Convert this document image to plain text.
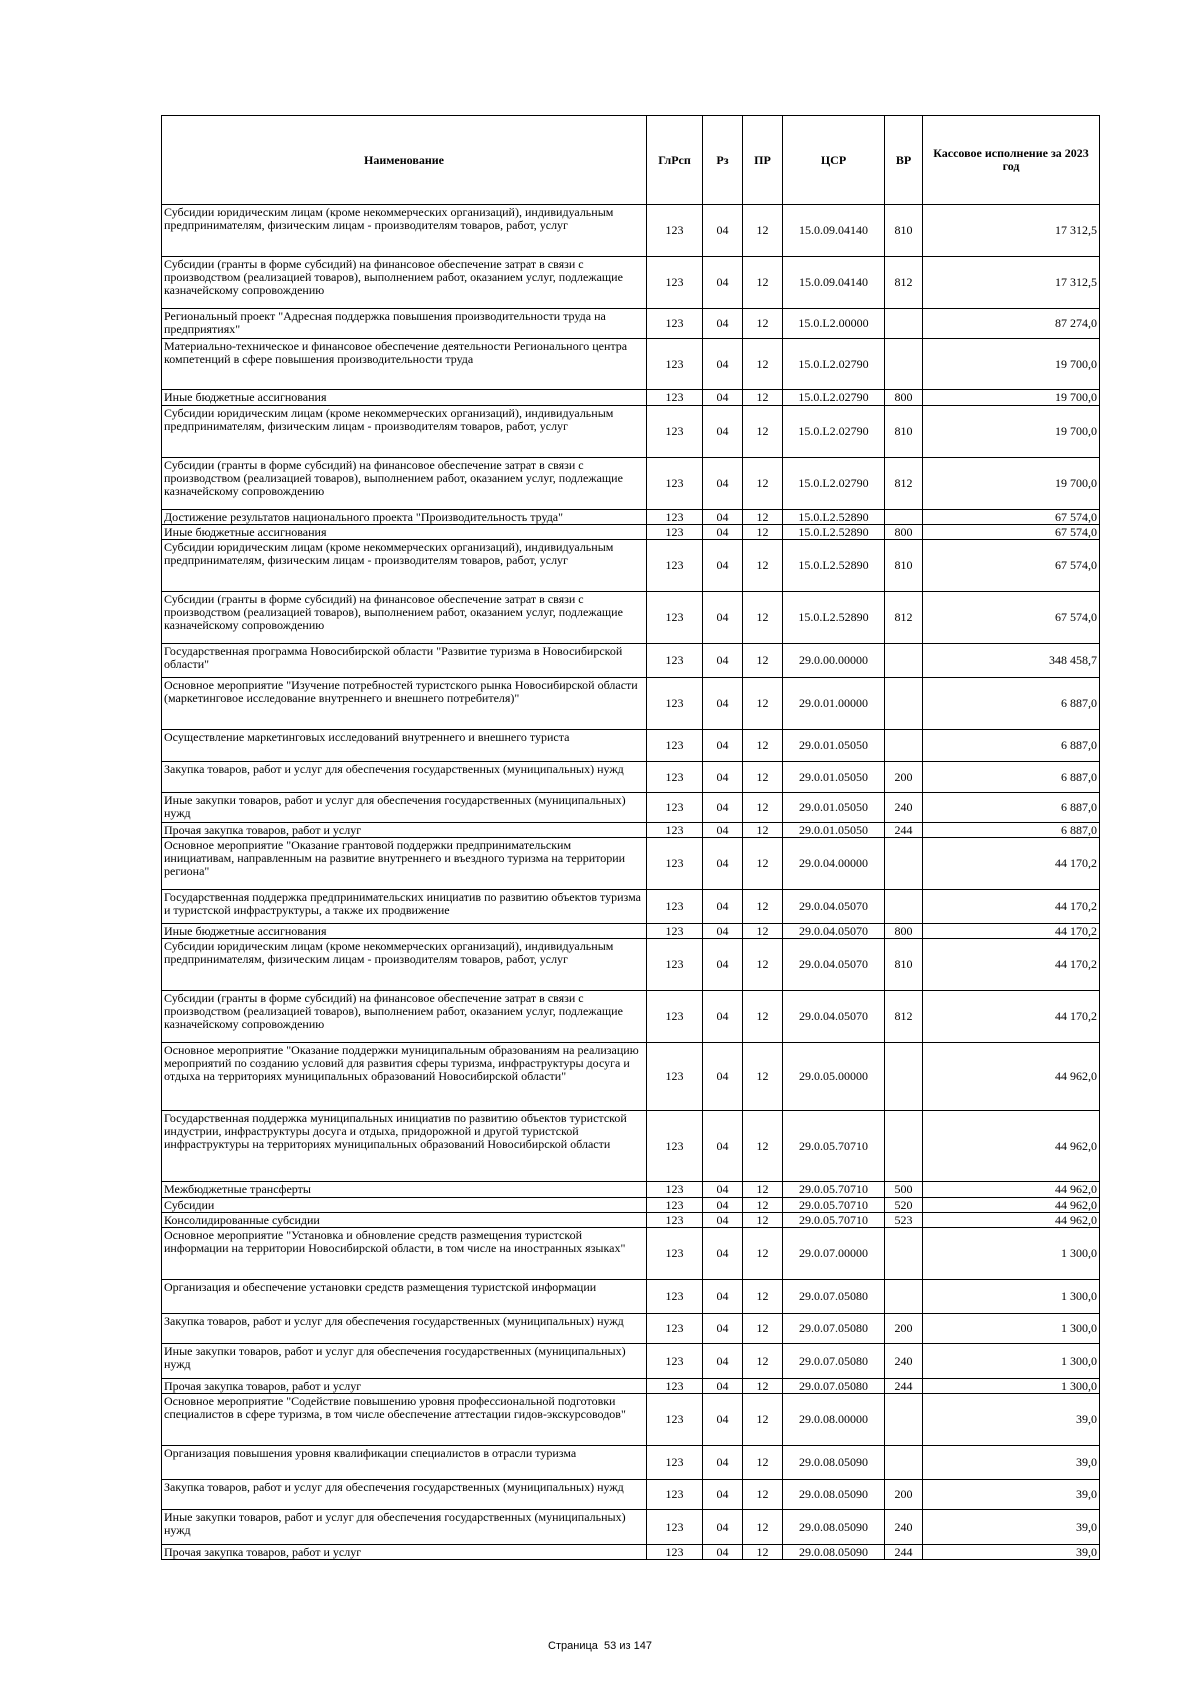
Наименование	ГлРсп	Рз	ПР	ЦСР	ВР	Кассовое исполнение за 2023 год
Субсидии юридическим лицам (кроме некоммерческих организаций), индивидуальным предпринимателям, физическим лицам - производителям товаров, работ, услуг	123	04	12	15.0.09.04140	810	17 312,5
Субсидии (гранты в форме субсидий) на финансовое обеспечение затрат в связи с производством (реализацией товаров), выполнением работ, оказанием услуг, подлежащие казначейскому сопровождению	123	04	12	15.0.09.04140	812	17 312,5
Региональный проект "Адресная поддержка повышения производительности труда на предприятиях"	123	04	12	15.0.L2.00000		87 274,0
Материально-техническое и финансовое обеспечение деятельности Регионального центра компетенций в сфере повышения производительности труда	123	04	12	15.0.L2.02790		19 700,0
Иные бюджетные ассигнования	123	04	12	15.0.L2.02790	800	19 700,0
Субсидии юридическим лицам (кроме некоммерческих организаций), индивидуальным предпринимателям, физическим лицам - производителям товаров, работ, услуг	123	04	12	15.0.L2.02790	810	19 700,0
Субсидии (гранты в форме субсидий) на финансовое обеспечение затрат в связи с производством (реализацией товаров), выполнением работ, оказанием услуг, подлежащие казначейскому сопровождению	123	04	12	15.0.L2.02790	812	19 700,0
Достижение результатов национального проекта "Производительность труда"	123	04	12	15.0.L2.52890		67 574,0
Иные бюджетные ассигнования	123	04	12	15.0.L2.52890	800	67 574,0
Субсидии юридическим лицам (кроме некоммерческих организаций), индивидуальным предпринимателям, физическим лицам - производителям товаров, работ, услуг	123	04	12	15.0.L2.52890	810	67 574,0
Субсидии (гранты в форме субсидий) на финансовое обеспечение затрат в связи с производством (реализацией товаров), выполнением работ, оказанием услуг, подлежащие казначейскому сопровождению	123	04	12	15.0.L2.52890	812	67 574,0
Государственная программа Новосибирской области "Развитие туризма в Новосибирской области"	123	04	12	29.0.00.00000		348 458,7
Основное мероприятие "Изучение потребностей туристского рынка Новосибирской области (маркетинговое исследование внутреннего и внешнего потребителя)"	123	04	12	29.0.01.00000		6 887,0
Осуществление маркетинговых исследований внутреннего и внешнего туриста	123	04	12	29.0.01.05050		6 887,0
Закупка товаров, работ и услуг для обеспечения государственных (муниципальных) нужд	123	04	12	29.0.01.05050	200	6 887,0
Иные закупки товаров, работ и услуг для обеспечения государственных (муниципальных) нужд	123	04	12	29.0.01.05050	240	6 887,0
Прочая закупка товаров, работ и услуг	123	04	12	29.0.01.05050	244	6 887,0
Основное мероприятие "Оказание грантовой поддержки предпринимательским инициативам, направленным на развитие внутреннего и въездного туризма на территории региона"	123	04	12	29.0.04.00000		44 170,2
Государственная поддержка предпринимательских инициатив по развитию объектов туризма и туристской инфраструктуры, а также их продвижение	123	04	12	29.0.04.05070		44 170,2
Иные бюджетные ассигнования	123	04	12	29.0.04.05070	800	44 170,2
Субсидии юридическим лицам (кроме некоммерческих организаций), индивидуальным предпринимателям, физическим лицам - производителям товаров, работ, услуг	123	04	12	29.0.04.05070	810	44 170,2
Субсидии (гранты в форме субсидий) на финансовое обеспечение затрат в связи с производством (реализацией товаров), выполнением работ, оказанием услуг, подлежащие казначейскому сопровождению	123	04	12	29.0.04.05070	812	44 170,2
Основное мероприятие "Оказание поддержки муниципальным образованиям на реализацию мероприятий по созданию условий для развития сферы туризма, инфраструктуры досуга и отдыха на территориях муниципальных образований Новосибирской области"	123	04	12	29.0.05.00000		44 962,0
Государственная поддержка муниципальных инициатив по развитию объектов туристской индустрии, инфраструктуры досуга и отдыха, придорожной и другой туристской инфраструктуры на территориях муниципальных образований Новосибирской области	123	04	12	29.0.05.70710		44 962,0
Межбюджетные трансферты	123	04	12	29.0.05.70710	500	44 962,0
Субсидии	123	04	12	29.0.05.70710	520	44 962,0
Консолидированные субсидии	123	04	12	29.0.05.70710	523	44 962,0
Основное мероприятие "Установка и обновление средств размещения туристской информации на территории Новосибирской области, в том числе на иностранных языках"	123	04	12	29.0.07.00000		1 300,0
Организация и обеспечение установки средств размещения туристской информации	123	04	12	29.0.07.05080		1 300,0
Закупка товаров, работ и услуг для обеспечения государственных (муниципальных) нужд	123	04	12	29.0.07.05080	200	1 300,0
Иные закупки товаров, работ и услуг для обеспечения государственных (муниципальных) нужд	123	04	12	29.0.07.05080	240	1 300,0
Прочая закупка товаров, работ и услуг	123	04	12	29.0.07.05080	244	1 300,0
Основное мероприятие "Содействие повышению уровня профессиональной подготовки специалистов в сфере туризма, в том числе обеспечение аттестации гидов-экскурсоводов"	123	04	12	29.0.08.00000		39,0
Организация повышения уровня квалификации специалистов в отрасли туризма	123	04	12	29.0.08.05090		39,0
Закупка товаров, работ и услуг для обеспечения государственных (муниципальных) нужд	123	04	12	29.0.08.05090	200	39,0
Иные закупки товаров, работ и услуг для обеспечения государственных (муниципальных) нужд	123	04	12	29.0.08.05090	240	39,0
Прочая закупка товаров, работ и услуг	123	04	12	29.0.08.05090	244	39,0
Страница 53 из 147
